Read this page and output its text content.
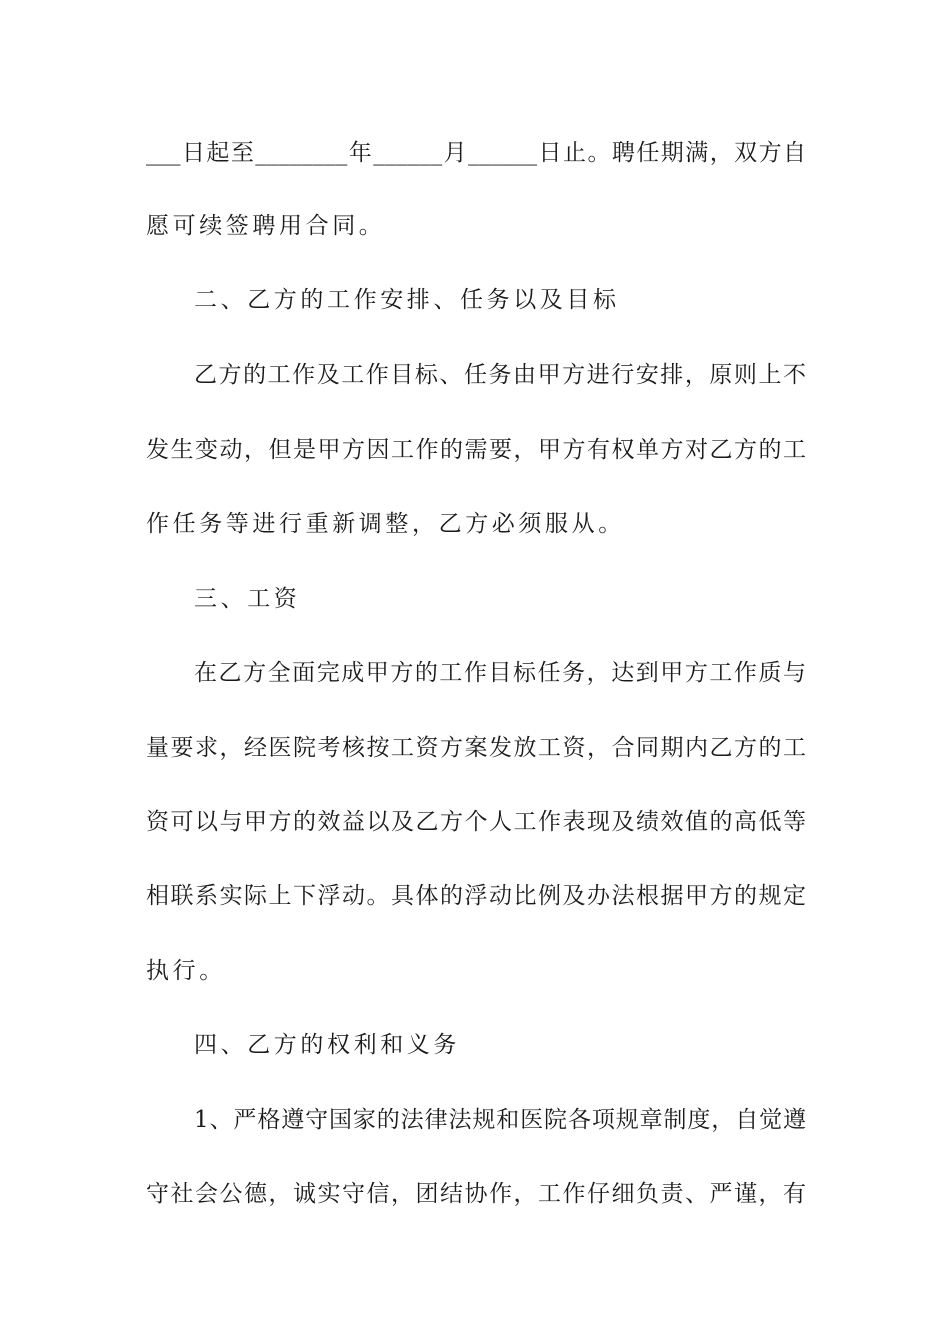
___日起至________年______月______日止。聘任期满，双方自
愿可续签聘用合同。
二、乙方的工作安排、任务以及目标
乙方的工作及工作目标、任务由甲方进行安排，原则上不
发生变动，但是甲方因工作的需要，甲方有权单方对乙方的工
作任务等进行重新调整，乙方必须服从。
三、工资
在乙方全面完成甲方的工作目标任务，达到甲方工作质与
量要求，经医院考核按工资方案发放工资，合同期内乙方的工
资可以与甲方的效益以及乙方个人工作表现及绩效值的高低等
相联系实际上下浮动。具体的浮动比例及办法根据甲方的规定
执行。
四、乙方的权利和义务
1、严格遵守国家的法律法规和医院各项规章制度，自觉遵
守社会公德，诚实守信，团结协作，工作仔细负责、严谨，有
